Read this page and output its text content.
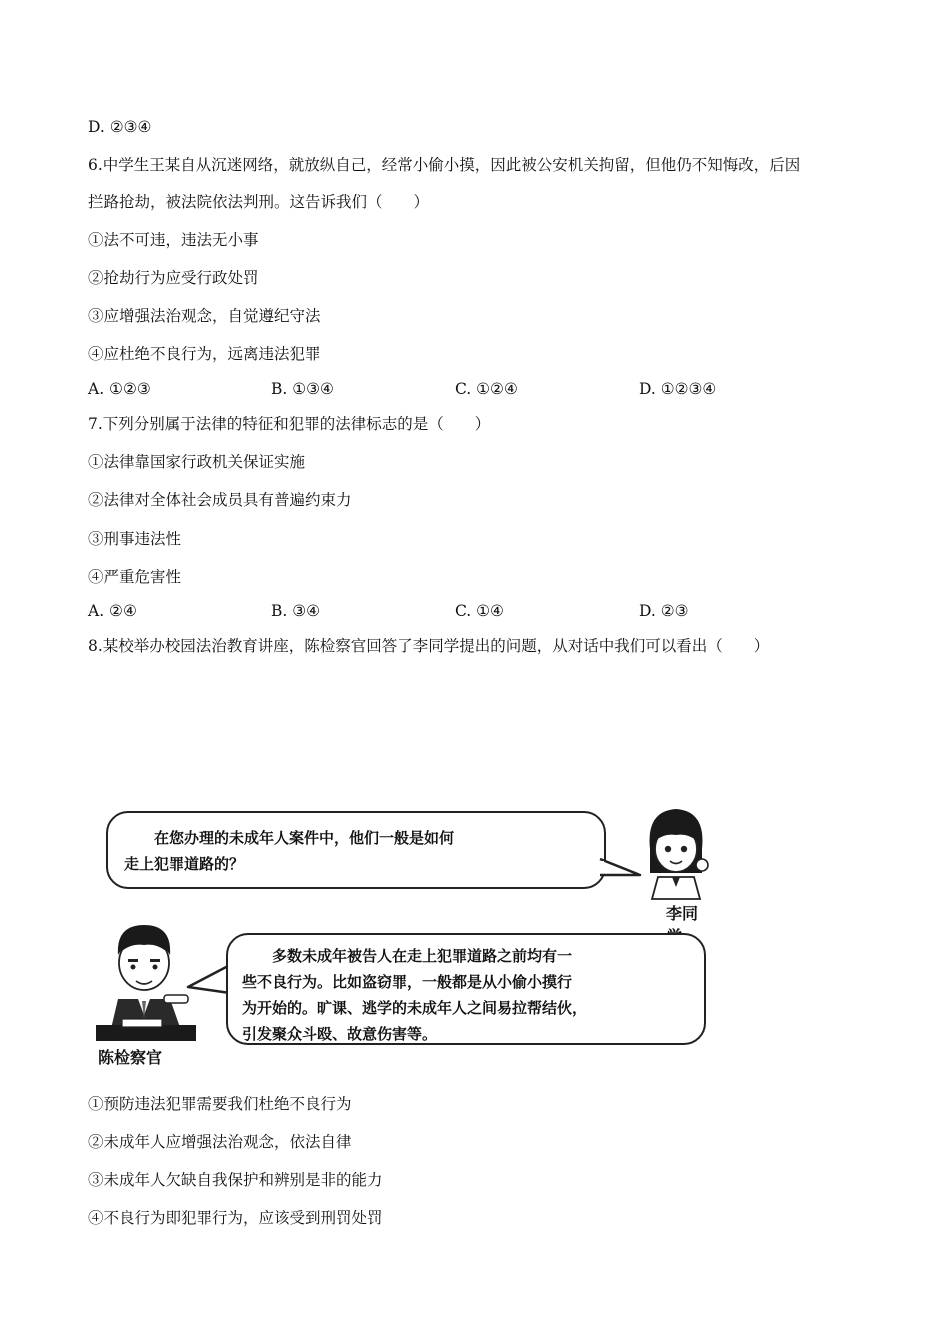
D. ②③④
6.中学生王某自从沉迷网络，就放纵自己，经常小偷小摸，因此被公安机关拘留，但他仍不知悔改，后因
拦路抢劫，被法院依法判刑。这告诉我们（　　）
①法不可违，违法无小事
②抢劫行为应受行政处罚
③应增强法治观念，自觉遵纪守法
④应杜绝不良行为，远离违法犯罪
A. ①②③	B. ①③④	C. ①②④	D. ①②③④
7.下列分别属于法律的特征和犯罪的法律标志的是（　　）
①法律靠国家行政机关保证实施
②法律对全体社会成员具有普遍约束力
③刑事违法性
④严重危害性
A. ②④	B. ③④	C. ①④	D. ②③
8.某校举办校园法治教育讲座，陈检察官回答了李同学提出的问题，从对话中我们可以看出（　　）
　　在您办理的未成年人案件中，他们一般是如何
走上犯罪道路的？
李同
　　多数未成年被告人在走上犯罪道路之前均有一
些不良行为。比如盗窃罪，一般都是从小偷小摸行
为开始的。旷课、逃学的未成年人之间易拉帮结伙，
引发聚众斗殴、故意伤害等。
陈检察官
①预防违法犯罪需要我们杜绝不良行为
②未成年人应增强法治观念，依法自律
③未成年人欠缺自我保护和辨别是非的能力
④不良行为即犯罪行为，应该受到刑罚处罚
